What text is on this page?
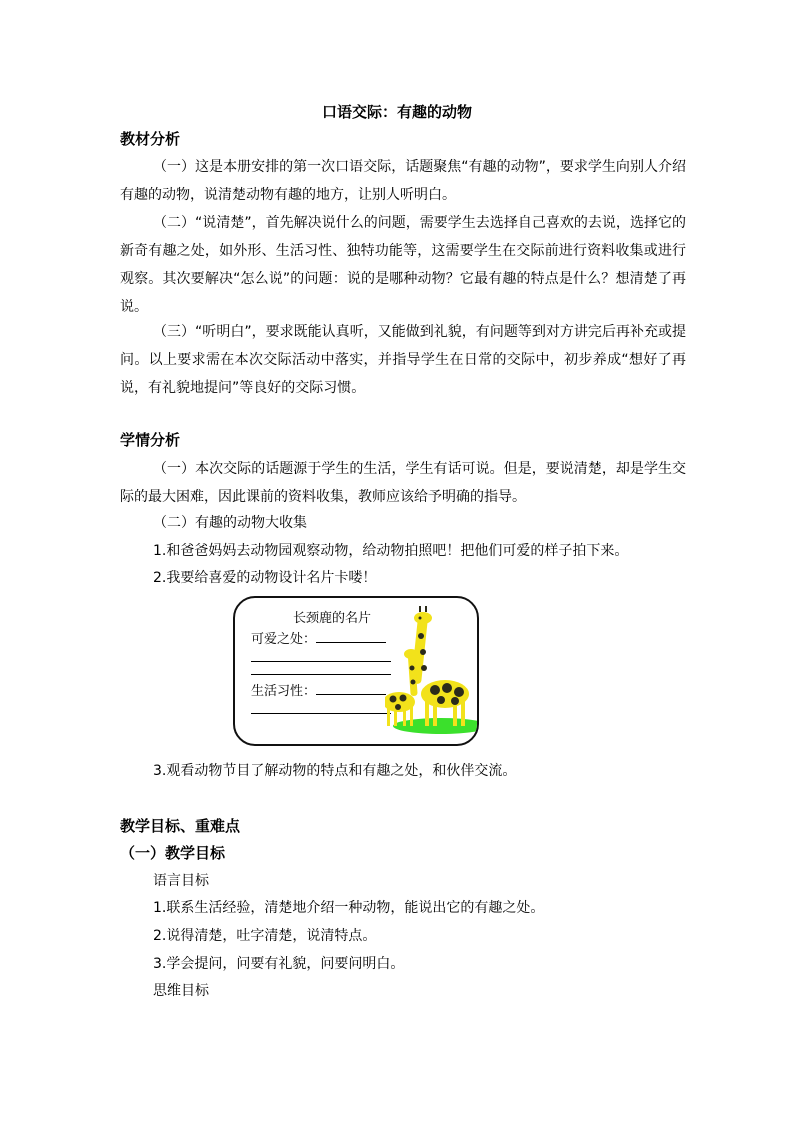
口语交际：有趣的动物
教材分析
（一）这是本册安排的第一次口语交际，话题聚焦“有趣的动物”，要求学生向别人介绍有趣的动物，说清楚动物有趣的地方，让别人听明白。
（二）“说清楚”，首先解决说什么的问题，需要学生去选择自己喜欢的去说，选择它的新奇有趣之处，如外形、生活习性、独特功能等，这需要学生在交际前进行资料收集或进行观察。其次要解决“怎么说”的问题：说的是哪种动物？它最有趣的特点是什么？想清楚了再说。
（三）“听明白”，要求既能认真听，又能做到礼貌，有问题等到对方讲完后再补充或提问。以上要求需在本次交际活动中落实，并指导学生在日常的交际中，初步养成“想好了再说，有礼貌地提问”等良好的交际习惯。
学情分析
（一）本次交际的话题源于学生的生活，学生有话可说。但是，要说清楚，却是学生交际的最大困难，因此课前的资料收集，教师应该给予明确的指导。
（二）有趣的动物大收集
1.和爸爸妈妈去动物园观察动物，给动物拍照吧！把他们可爱的样子拍下来。
2.我要给喜爱的动物设计名片卡喽！
长颈鹿的名片
可爱之处：
生活习性：
3.观看动物节目了解动物的特点和有趣之处，和伙伴交流。
教学目标、重难点
（一）教学目标
语言目标
1.联系生活经验，清楚地介绍一种动物，能说出它的有趣之处。
2.说得清楚，吐字清楚，说清特点。
3.学会提问，问要有礼貌，问要问明白。
思维目标
